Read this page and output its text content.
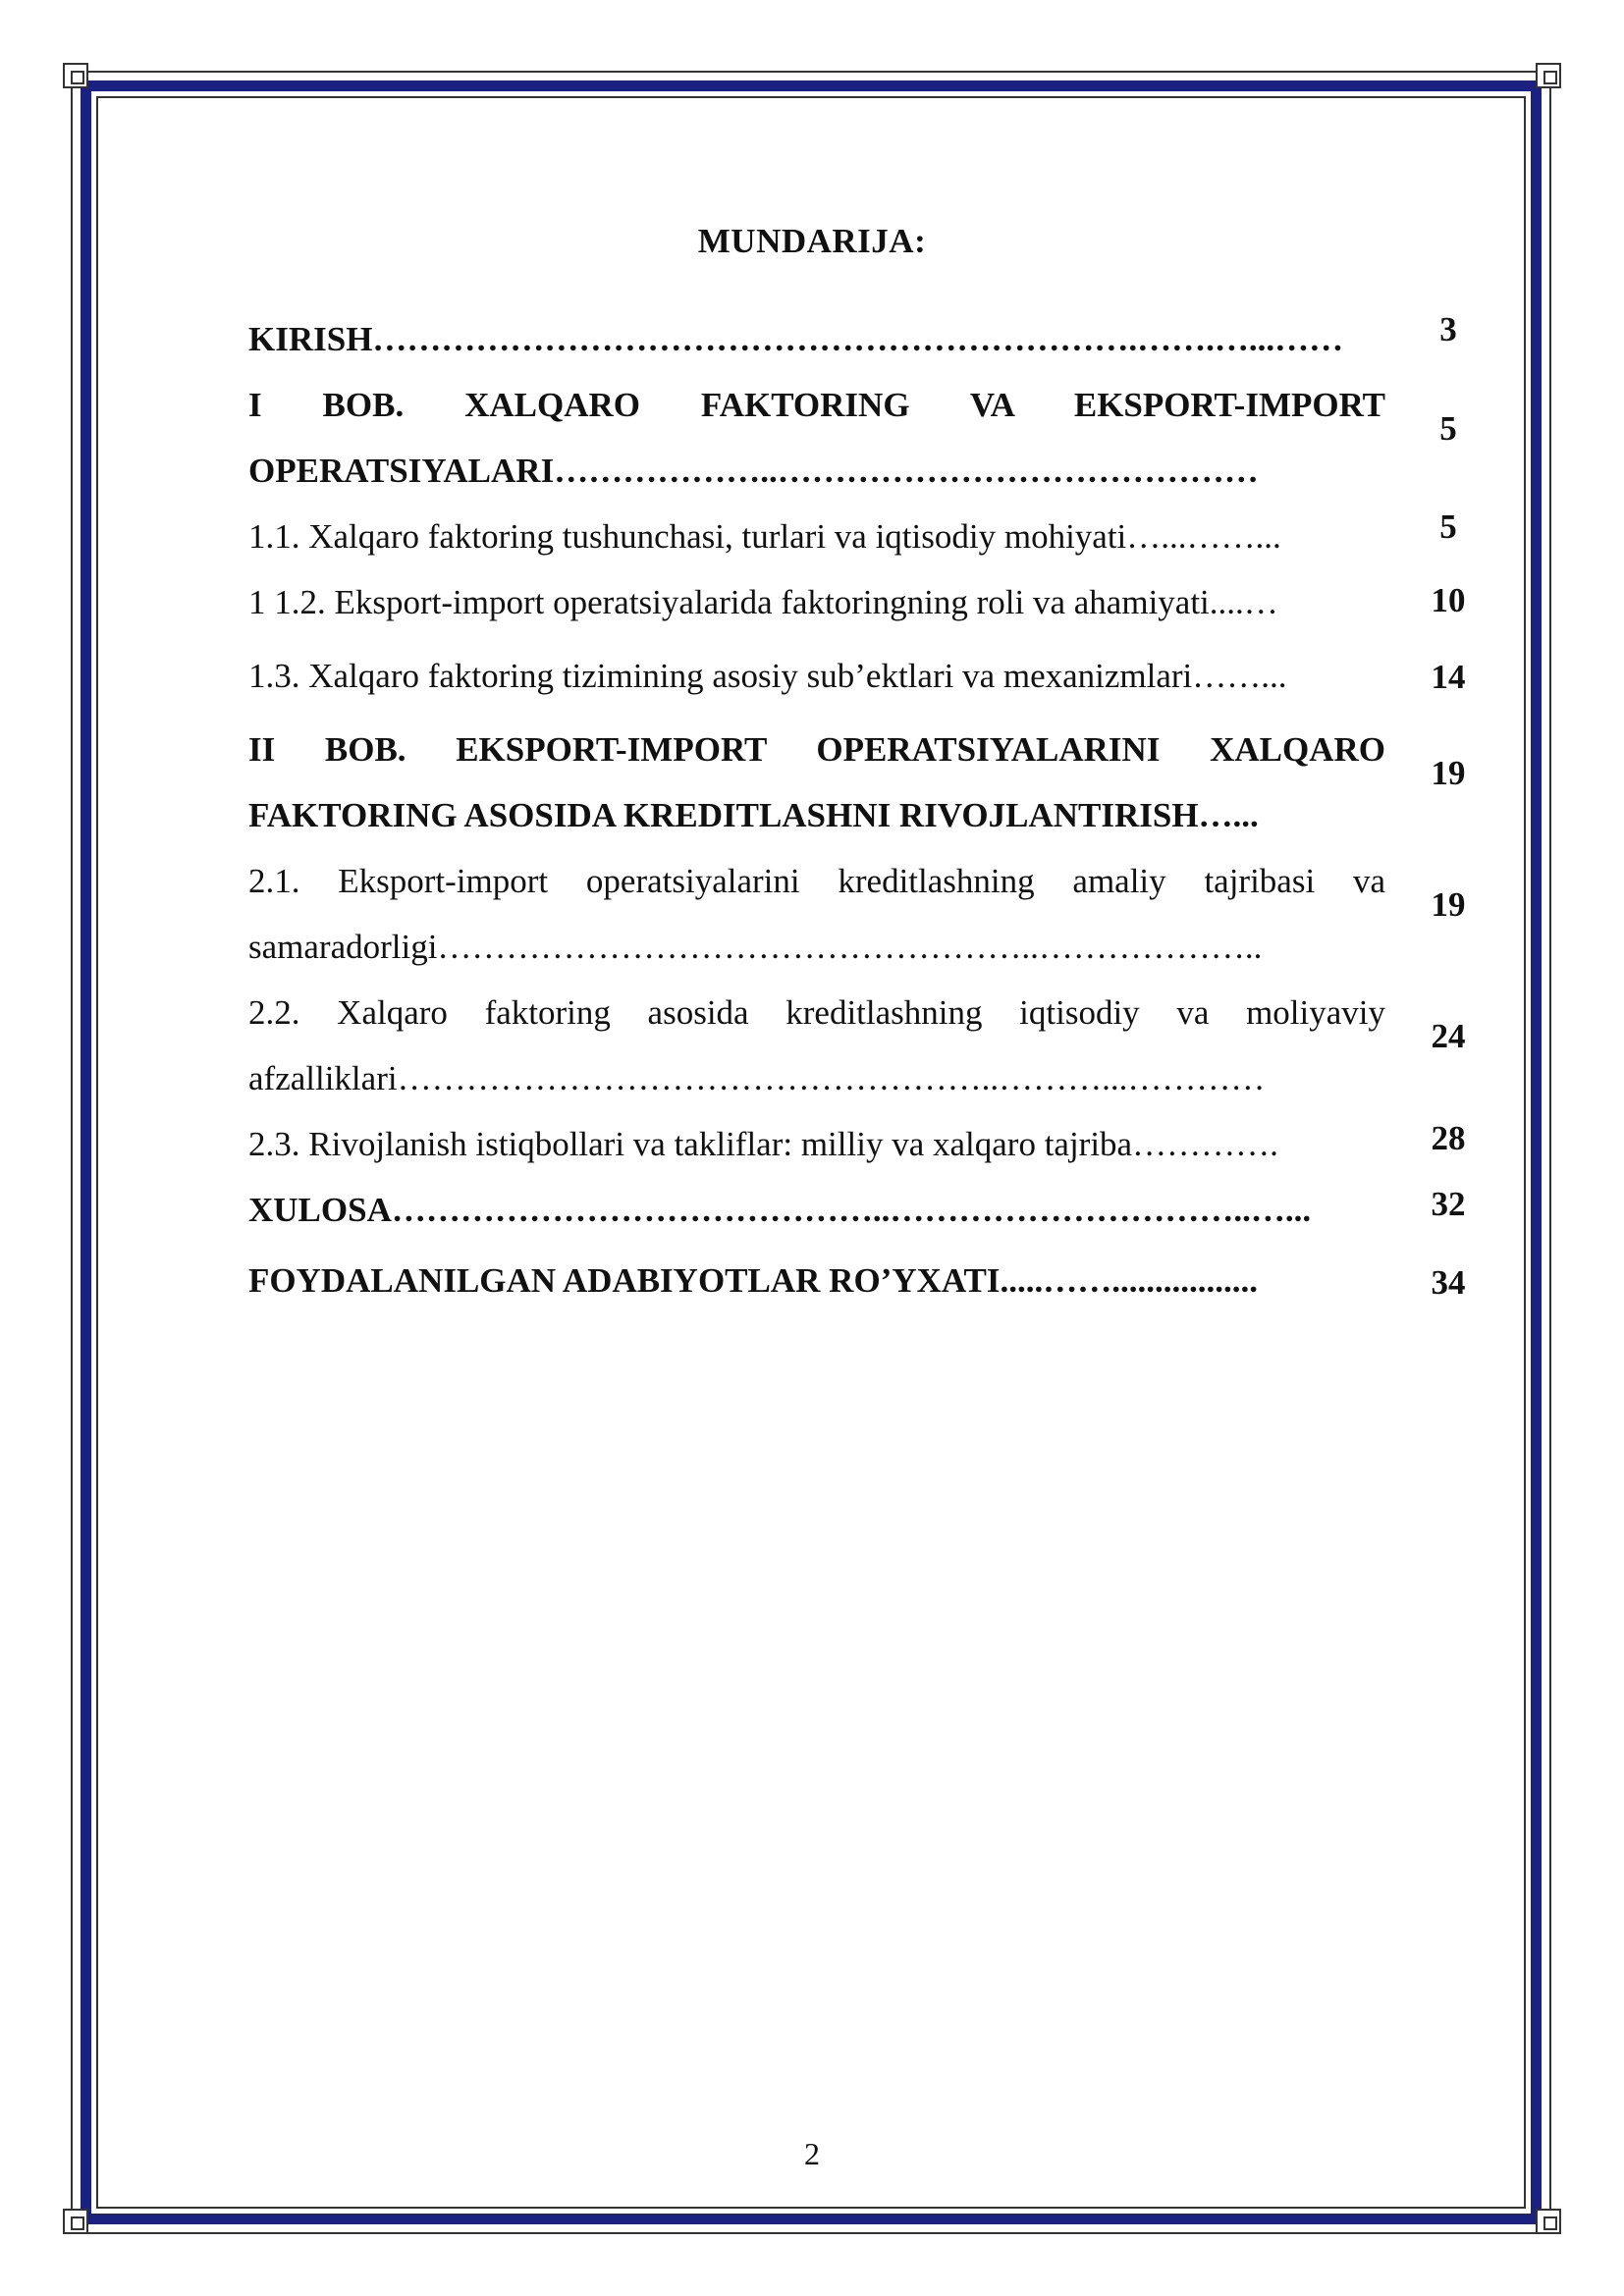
MUNDARIJA:
KIRISH………………………………………………………….…….…...……	3
I BOB. XALQARO FAKTORING VA EKSPORT-IMPORT
OPERATSIYALARI………………..……………………………………
5
1.1. Xalqaro faktoring tushunchasi, turlari va iqtisodiy mohiyati…...……...	5
1 1.2. Eksport-import operatsiyalarida faktoringning roli va ahamiyati....…	10
1.3. Xalqaro faktoring tizimining asosiy sub’ektlari va mexanizmlari……...	14
II BOB. EKSPORT-IMPORT OPERATSIYALARINI XALQARO
FAKTORING ASOSIDA KREDITLASHNI RIVOJLANTIRISH…...
19
2.1. Eksport-import operatsiyalarini kreditlashning amaliy tajribasi va
samaradorligi……………………………………………..………………..
19
2.2. Xalqaro faktoring asosida kreditlashning iqtisodiy va moliyaviy
afzalliklari……………………………………………..………...…………
24
2.3. Rivojlanish istiqbollari va takliflar: milliy va xalqaro tajriba………….	28
XULOSA……………………………………..…………………………..…...	32
FOYDALANILGAN ADABIYOTLAR RO’YXATI.....…….................	34
2
